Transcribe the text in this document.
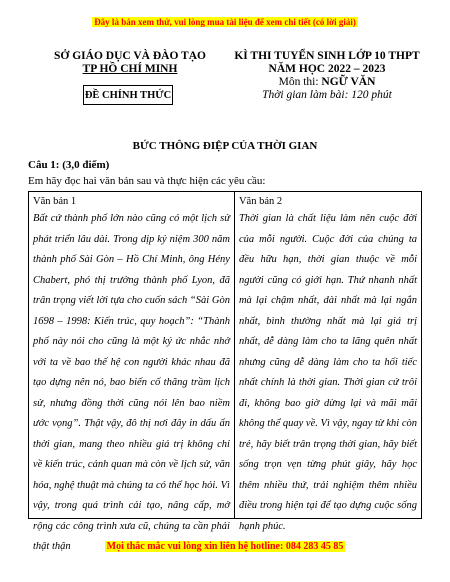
Đây là bản xem thử, vui lòng mua tài liệu để xem chi tiết (có lời giải)
SỞ GIÁO DỤC VÀ ĐÀO TẠO
TP HỒ CHÍ MINH
ĐỀ CHÍNH THỨC
KÌ THI TUYỂN SINH LỚP 10 THPT
NĂM HỌC 2022 – 2023
Môn thi: NGỮ VĂN
Thời gian làm bài: 120 phút
BỨC THÔNG ĐIỆP CỦA THỜI GIAN
Câu 1: (3,0 điểm)
Em hãy đọc hai văn bản sau và thực hiện các yêu cầu:
Văn bản 1
Bất cứ thành phố lớn nào cũng có một lịch sử phát triển lâu dài. Trong dịp kỷ niệm 300 năm thành phố Sài Gòn – Hồ Chí Minh, ông Hény Chabert, phó thị trưởng thành phố Lyon, đã trân trọng viết lời tựa cho cuốn sách “Sài Gòn 1698 – 1998: Kiến trúc, quy hoạch”: “Thành phố này nói cho cũng là một ký ức nhắc nhở với ta về bao thế hệ con người khác nhau đã tạo dựng nên nó, bao biến cố thăng trầm lịch sử, nhưng đồng thời cũng nói lên bao niềm ước vọng”. Thật vậy, đô thị nơi đây in dấu ấn thời gian, mang theo nhiều giá trị không chỉ về kiến trúc, cảnh quan mà còn về lịch sử, văn hóa, nghệ thuật mà chúng ta có thể học hỏi. Vì vậy, trong quá trình cải tạo, nâng cấp, mở rộng các công trình xưa cũ, chúng ta cần phải thật thận
Văn bản 2
Thời gian là chất liệu làm nên cuộc đời của mỗi người. Cuộc đời của chúng ta đều hữu hạn, thời gian thuộc về mỗi người cũng có giới hạn. Thứ nhanh nhất mà lại chậm nhất, dài nhất mà lại ngắn nhất, bình thường nhất mà lại giá trị nhất, dễ dàng làm cho ta lãng quên nhất nhưng cũng dễ dàng làm cho ta hối tiếc nhất chính là thời gian. Thời gian cứ trôi đi, không bao giờ dừng lại và mãi mãi không thể quay về. Vì vậy, ngay từ khi còn trẻ, hãy biết trân trọng thời gian, hãy biết sống trọn vẹn từng phút giây, hãy học thêm nhiều thứ, trải nghiệm thêm nhiều điều trong hiện tại để tạo dựng cuộc sống hạnh phúc.
Mọi thắc mắc vui lòng xin liên hệ hotline: 084 283 45 85
